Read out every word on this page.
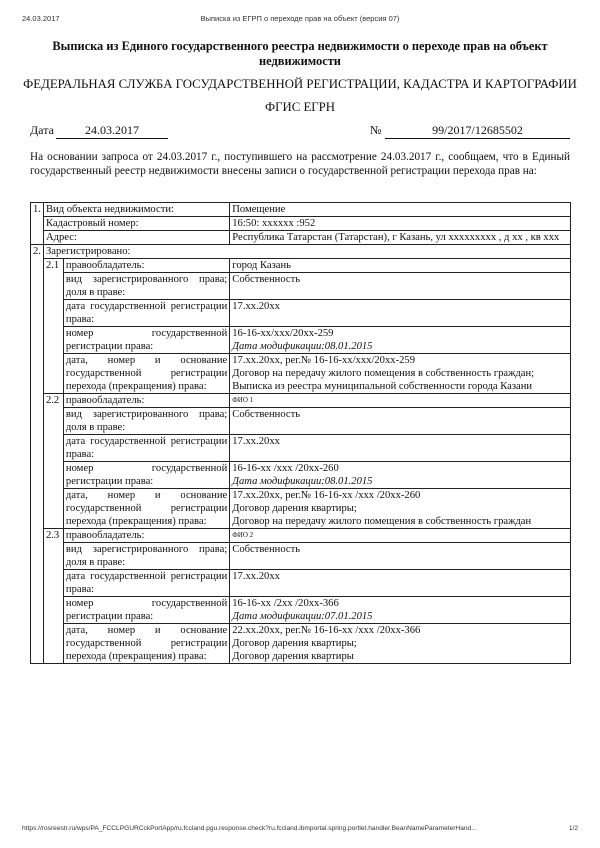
24.03.2017	Выписка из ЕГРП о переходе прав на объект (версия 07)
Выписка из Единого государственного реестра недвижимости о переходе прав на объект недвижимости
ФЕДЕРАЛЬНАЯ СЛУЖБА ГОСУДАРСТВЕННОЙ РЕГИСТРАЦИИ, КАДАСТРА И КАРТОГРАФИИ
ФГИС ЕГРН
Дата	24.03.2017	№	99/2017/12685502
На основании запроса от 24.03.2017 г., поступившего на рассмотрение 24.03.2017 г., сообщаем, что в Единый государственный реестр недвижимости внесены записи о государственной регистрации перехода прав на:
1.	Вид объекта недвижимости:		Помещение
	Кадастровый номер:		16:50: xxxxxx :952
	Адрес:		Республика Татарстан (Татарстан), г Казань, ул xxxxxxxxx , д xx , кв xxx
2.	Зарегистрировано:		
	2.1	правообладатель:	город Казань
		вид зарегистрированного права; доля в праве:	Собственность
		дата государственной регистрации права:	17.xx.20xx
		номер государственной регистрации права:	16-16-xx/xxx/20xx-259
Дата модификации:08.01.2015

		дата, номер и основание государственной регистрации перехода (прекращения) права:	17.xx.20xx, рег.№ 16-16-xx/xxx/20xx-259
Договор на передачу жилого помещения в собственность граждан;
Выписка из реестра муниципальной собственности города Казани

	2.2	правообладатель:	ФИО 1
		вид зарегистрированного права; доля в праве:	Собственность
		дата государственной регистрации права:	17.xx.20xx
		номер государственной регистрации права:	16-16-xx /xxx /20xx-260
Дата модификации:08.01.2015

		дата, номер и основание государственной регистрации перехода (прекращения) права:	17.xx.20xx, рег.№ 16-16-xx /xxx /20xx-260
Договор дарения квартиры;
Договор на передачу жилого помещения в собственность граждан

	2.3	правообладатель:	ФИО 2
		вид зарегистрированного права; доля в праве:	Собственность
		дата государственной регистрации права:	17.xx.20xx
		номер государственной регистрации права:	16-16-xx /2xx /20xx-366
Дата модификации:07.01.2015

		дата, номер и основание государственной регистрации перехода (прекращения) права:	22.xx.20xx, рег.№ 16-16-xx /xxx /20xx-366
Договор дарения квартиры;
Договор дарения квартиры
https://rosreestr.ru/wps/PA_FCCLPGURCckPortApp/ru.fccland.pgu.response.check?ru.fccland.ibmportal.spring.portlet.handler.BeanNameParameterHand...	1/2
